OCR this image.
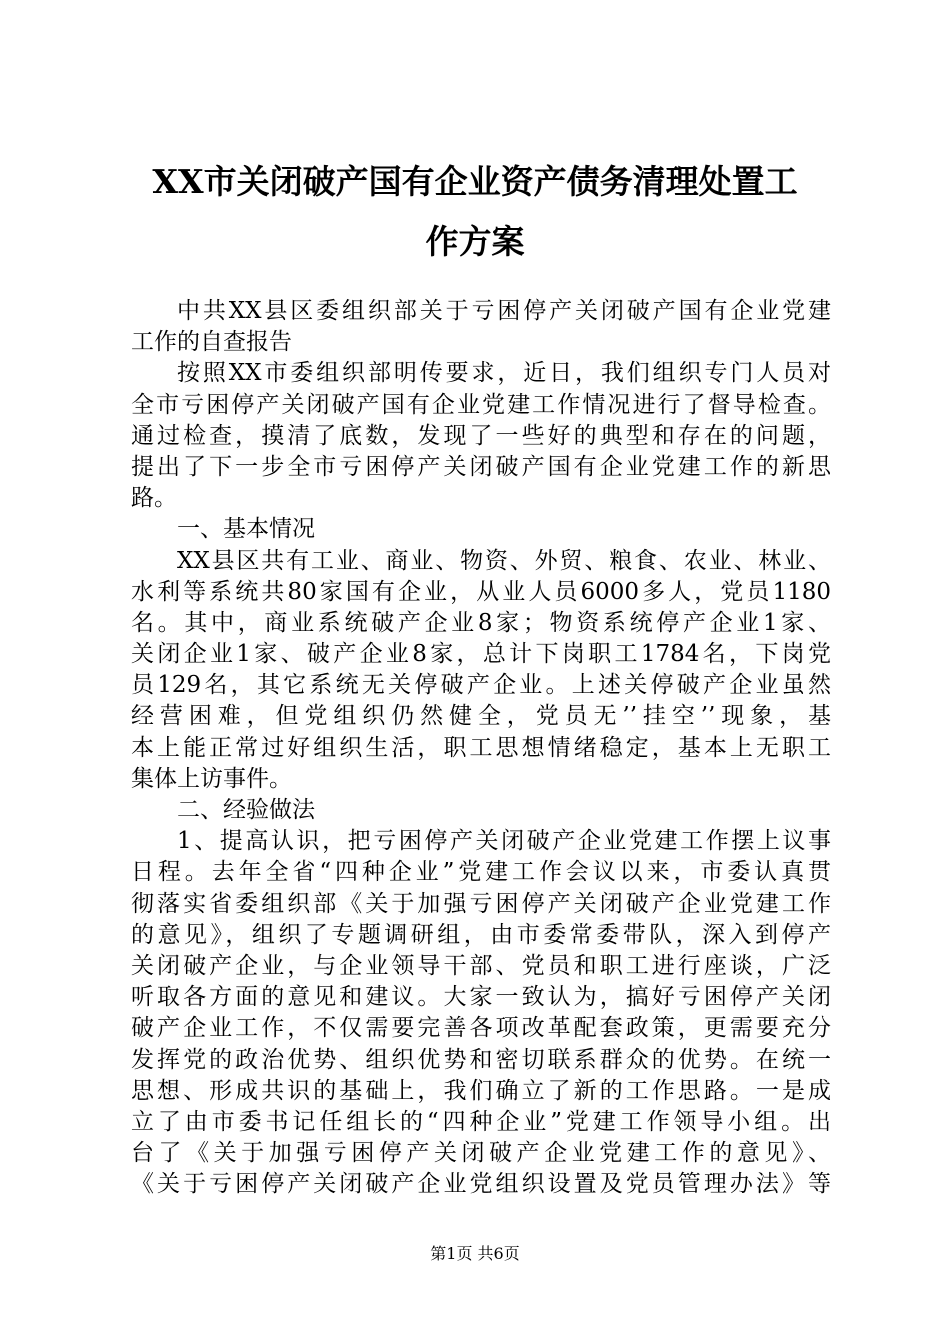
XX市关闭破产国有企业资产债务清理处置工
作方案
中共XX县区委组织部关于亏困停产关闭破产国有企业党建
工作的自查报告
按照XX市委组织部明传要求，近日，我们组织专门人员对
全市亏困停产关闭破产国有企业党建工作情况进行了督导检查。
通过检查，摸清了底数，发现了一些好的典型和存在的问题，
提出了下一步全市亏困停产关闭破产国有企业党建工作的新思
路。
一、基本情况
XX县区共有工业、商业、物资、外贸、粮食、农业、林业、
水利等系统共80家国有企业，从业人员6000多人，党员1180
名。其中，商业系统破产企业8家；物资系统停产企业1家、
关闭企业1家、破产企业8家，总计下岗职工1784名，下岗党
员129名，其它系统无关停破产企业。上述关停破产企业虽然
经营困难，但党组织仍然健全，党员无’’挂空’’现象，基
本上能正常过好组织生活，职工思想情绪稳定，基本上无职工
集体上访事件。
二、经验做法
1、提高认识，把亏困停产关闭破产企业党建工作摆上议事
日程。去年全省“四种企业”党建工作会议以来，市委认真贯
彻落实省委组织部《关于加强亏困停产关闭破产企业党建工作
的意见》，组织了专题调研组，由市委常委带队，深入到停产
关闭破产企业，与企业领导干部、党员和职工进行座谈，广泛
听取各方面的意见和建议。大家一致认为，搞好亏困停产关闭
破产企业工作，不仅需要完善各项改革配套政策，更需要充分
发挥党的政治优势、组织优势和密切联系群众的优势。在统一
思想、形成共识的基础上，我们确立了新的工作思路。一是成
立了由市委书记任组长的“四种企业”党建工作领导小组。出
台了《关于加强亏困停产关闭破产企业党建工作的意见》、
《关于亏困停产关闭破产企业党组织设置及党员管理办法》等
第1页 共6页
